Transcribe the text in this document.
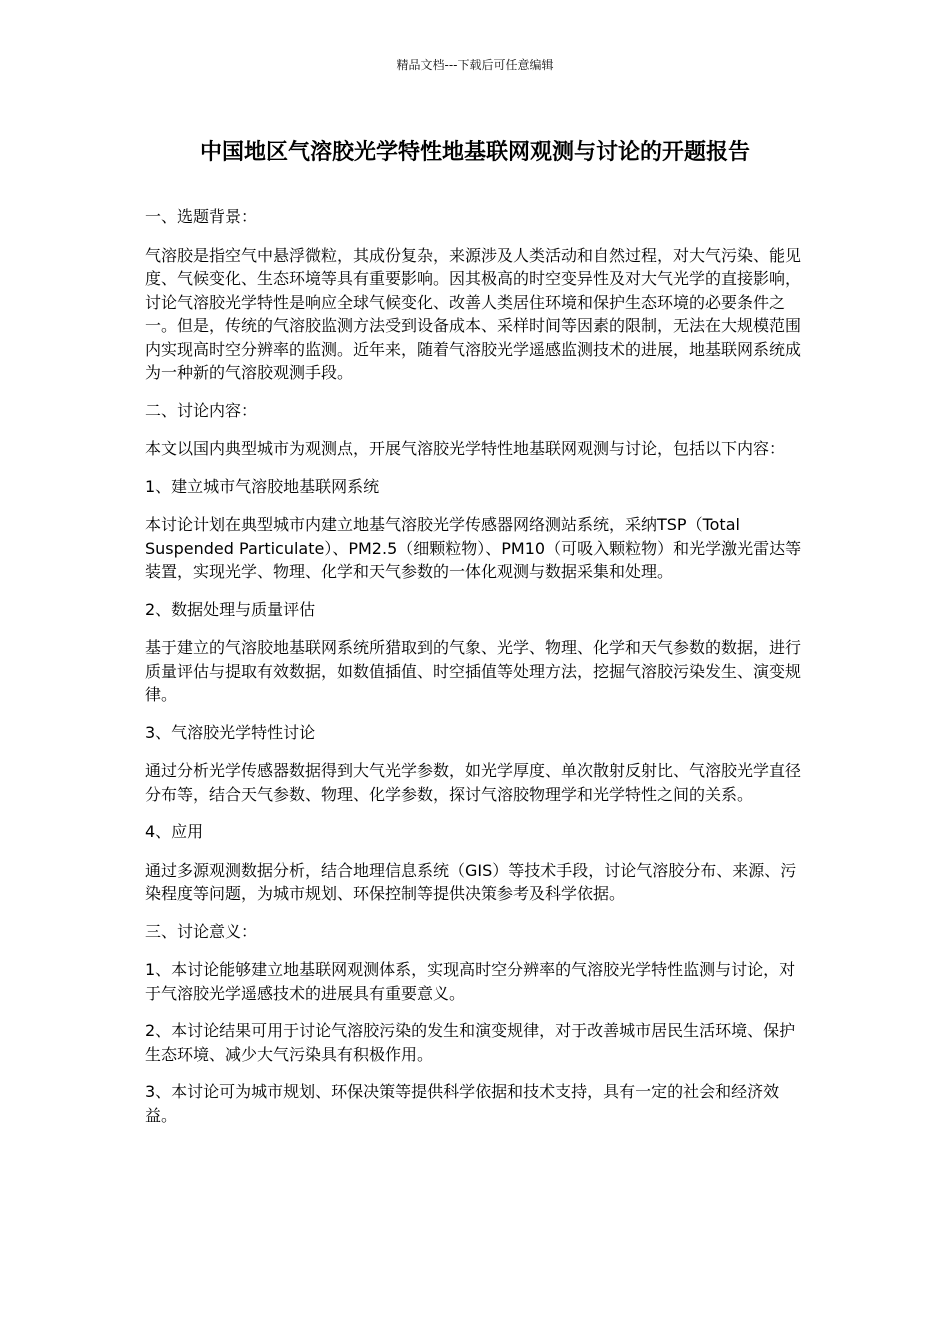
精品文档---下载后可任意编辑
中国地区气溶胶光学特性地基联网观测与讨论的开题报告

一、选题背景：

气溶胶是指空气中悬浮微粒，其成份复杂，来源涉及人类活动和自然过程，对大气污染、能见度、气候变化、生态环境等具有重要影响。因其极高的时空变异性及对大气光学的直接影响，讨论气溶胶光学特性是响应全球气候变化、改善人类居住环境和保护生态环境的必要条件之一。但是，传统的气溶胶监测方法受到设备成本、采样时间等因素的限制，无法在大规模范围内实现高时空分辨率的监测。近年来，随着气溶胶光学遥感监测技术的进展，地基联网系统成为一种新的气溶胶观测手段。

二、讨论内容：

本文以国内典型城市为观测点，开展气溶胶光学特性地基联网观测与讨论，包括以下内容：

1、建立城市气溶胶地基联网系统

本讨论计划在典型城市内建立地基气溶胶光学传感器网络测站系统，采纳TSP（Total Suspended Particulate）、PM2.5（细颗粒物）、PM10（可吸入颗粒物）和光学激光雷达等装置，实现光学、物理、化学和天气参数的一体化观测与数据采集和处理。

2、数据处理与质量评估

基于建立的气溶胶地基联网系统所猎取到的气象、光学、物理、化学和天气参数的数据，进行质量评估与提取有效数据，如数值插值、时空插值等处理方法，挖掘气溶胶污染发生、演变规律。

3、气溶胶光学特性讨论

通过分析光学传感器数据得到大气光学参数，如光学厚度、单次散射反射比、气溶胶光学直径分布等，结合天气参数、物理、化学参数，探讨气溶胶物理学和光学特性之间的关系。

4、应用

通过多源观测数据分析，结合地理信息系统（GIS）等技术手段，讨论气溶胶分布、来源、污染程度等问题，为城市规划、环保控制等提供决策参考及科学依据。

三、讨论意义：

1、本讨论能够建立地基联网观测体系，实现高时空分辨率的气溶胶光学特性监测与讨论，对于气溶胶光学遥感技术的进展具有重要意义。

2、本讨论结果可用于讨论气溶胶污染的发生和演变规律，对于改善城市居民生活环境、保护生态环境、减少大气污染具有积极作用。

3、本讨论可为城市规划、环保决策等提供科学依据和技术支持，具有一定的社会和经济效益。
